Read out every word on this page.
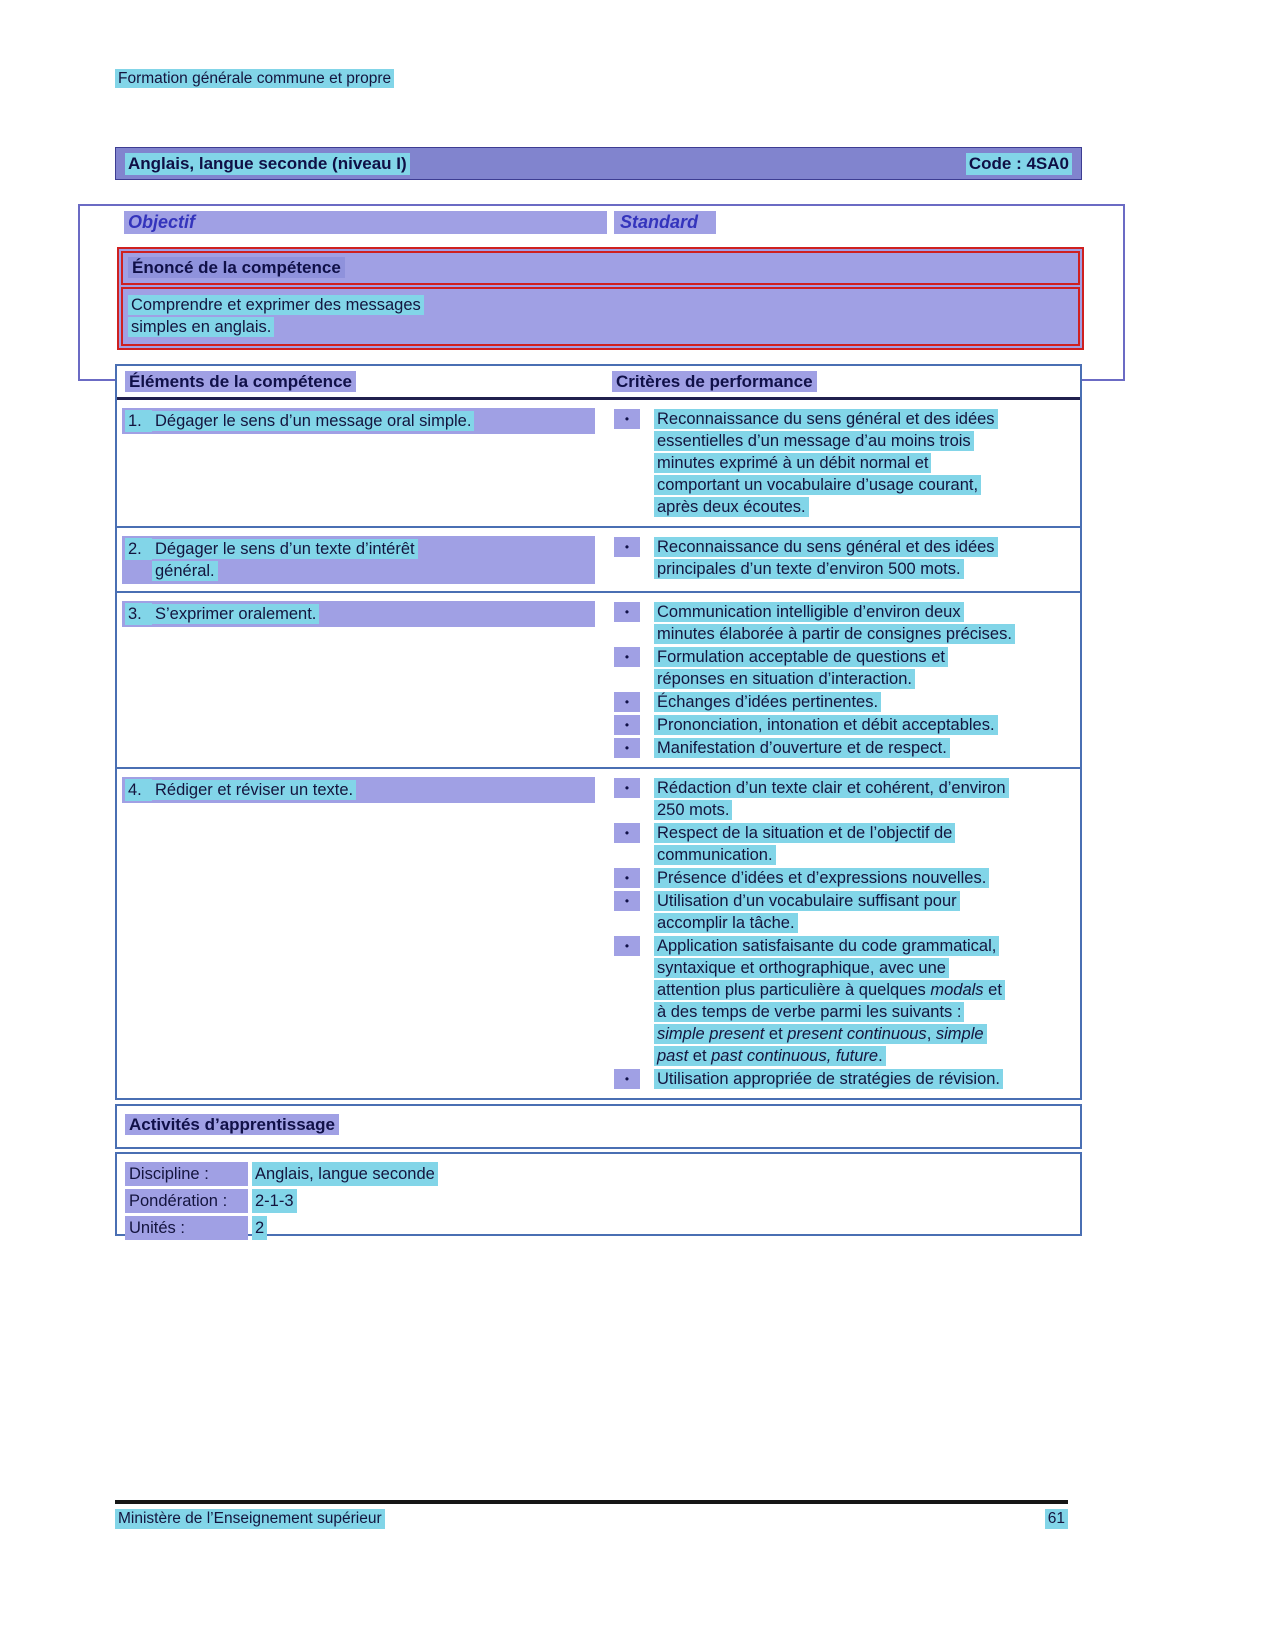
Formation générale commune et propre
Anglais, langue seconde (niveau I)	Code : 4SA0
Objectif	Standard
Énoncé de la compétence
Comprendre et exprimer des messages
simples en anglais.
Éléments de la compétence	Critères de performance
1. Dégager le sens d’un message oral simple.	•	Reconnaissance du sens général et des idées
essentielles d’un message d’au moins trois
minutes exprimé à un débit normal et
comportant un vocabulaire d’usage courant,
après deux écoutes.
2. Dégager le sens d’un texte d’intérêt
général.
•	Reconnaissance du sens général et des idées
principales d’un texte d’environ 500 mots.
3. S’exprimer oralement.	•	Communication intelligible d’environ deux
minutes élaborée à partir de consignes précises.
•	Formulation acceptable de questions et
réponses en situation d’interaction.
•	Échanges d’idées pertinentes.
•	Prononciation, intonation et débit acceptables.
•	Manifestation d’ouverture et de respect.
4. Rédiger et réviser un texte.	•	Rédaction d’un texte clair et cohérent, d’environ
250 mots.
•	Respect de la situation et de l’objectif de
communication.
•	Présence d’idées et d’expressions nouvelles.
•	Utilisation d’un vocabulaire suffisant pour
accomplir la tâche.
•	Application satisfaisante du code grammatical,
syntaxique et orthographique, avec une
attention plus particulière à quelques modals et
à des temps de verbe parmi les suivants :
simple present et present continuous, simple
past et past continuous, future.
•	Utilisation appropriée de stratégies de révision.
Activités d’apprentissage
Discipline :	Anglais, langue seconde
Pondération :	2-1-3
Unités :	2
Ministère de l’Enseignement supérieur	61
